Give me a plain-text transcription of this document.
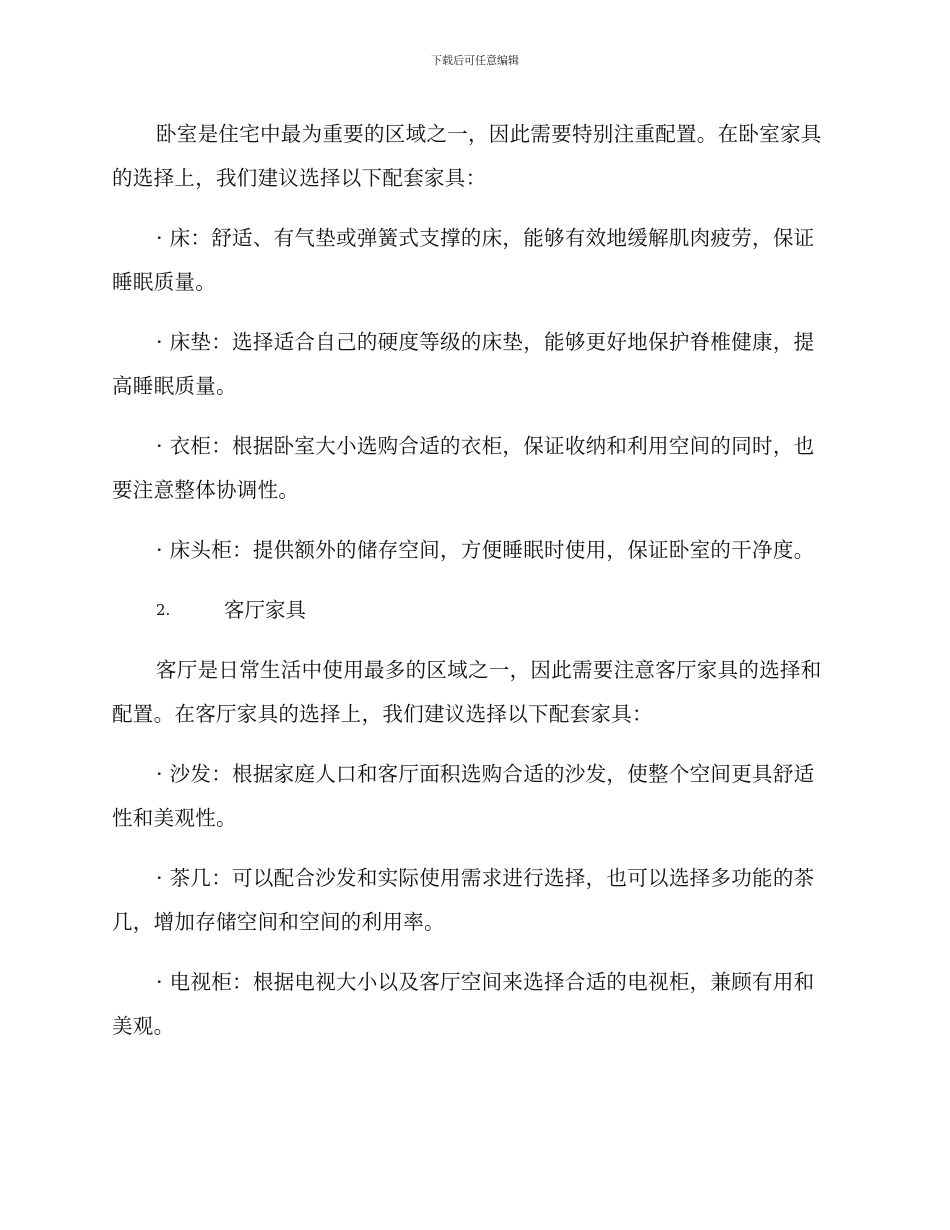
下载后可任意编辑

卧室是住宅中最为重要的区域之一，因此需要特别注重配置。在卧室家具的选择上，我们建议选择以下配套家具：

· 床：舒适、有气垫或弹簧式支撑的床，能够有效地缓解肌肉疲劳，保证睡眠质量。

· 床垫：选择适合自己的硬度等级的床垫，能够更好地保护脊椎健康，提高睡眠质量。

· 衣柜：根据卧室大小选购合适的衣柜，保证收纳和利用空间的同时，也要注意整体协调性。

· 床头柜：提供额外的储存空间，方便睡眠时使用，保证卧室的干净度。

2.	客厅家具

客厅是日常生活中使用最多的区域之一，因此需要注意客厅家具的选择和配置。在客厅家具的选择上，我们建议选择以下配套家具：

· 沙发：根据家庭人口和客厅面积选购合适的沙发，使整个空间更具舒适性和美观性。

· 茶几：可以配合沙发和实际使用需求进行选择，也可以选择多功能的茶几，增加存储空间和空间的利用率。

· 电视柜：根据电视大小以及客厅空间来选择合适的电视柜，兼顾有用和美观。
